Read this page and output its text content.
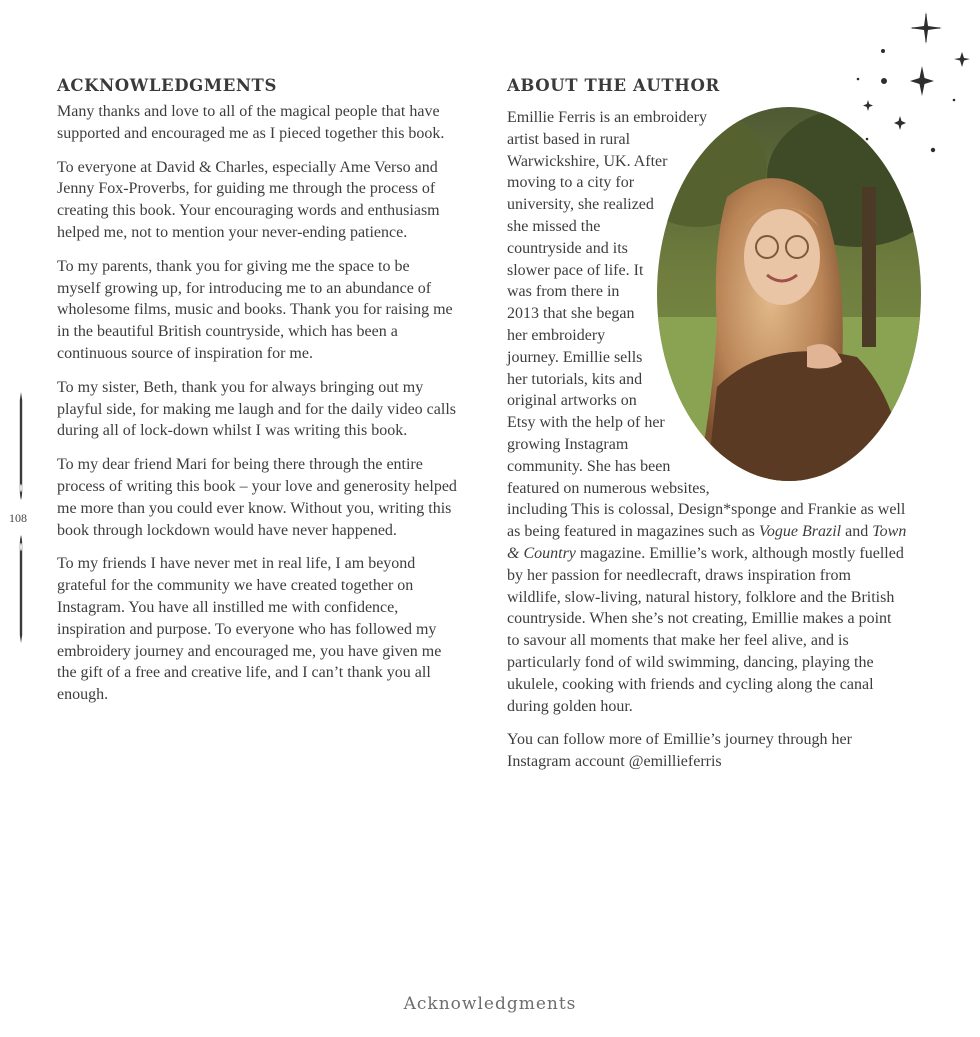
108
ACKNOWLEDGMENTS

Many thanks and love to all of the magical people that have supported and encouraged me as I pieced together this book.

To everyone at David & Charles, especially Ame Verso and Jenny Fox-Proverbs, for guiding me through the process of creating this book. Your encouraging words and enthusiasm helped me, not to mention your never-ending patience.

To my parents, thank you for giving me the space to be myself growing up, for introducing me to an abundance of wholesome films, music and books. Thank you for raising me in the beautiful British countryside, which has been a continuous source of inspiration for me.

To my sister, Beth, thank you for always bringing out my playful side, for making me laugh and for the daily video calls during all of lock-down whilst I was writing this book.

To my dear friend Mari for being there through the entire process of writing this book – your love and generosity helped me more than you could ever know. Without you, writing this book through lockdown would have never happened.

To my friends I have never met in real life, I am beyond grateful for the community we have created together on Instagram. You have all instilled me with confidence, inspiration and purpose. To everyone who has followed my embroidery journey and encouraged me, you have given me the gift of a free and creative life, and I can’t thank you all enough.

ABOUT THE AUTHOR

Emillie Ferris is an embroidery artist based in rural Warwickshire, UK. After moving to a city for university, she realized she missed the countryside and its slower pace of life. It was from there in 2013 that she began her embroidery journey. Emillie sells her tutorials, kits and original artworks on Etsy with the help of her growing Instagram community. She has been featured on numerous websites, including This is colossal, Design*sponge and Frankie as well as being featured in magazines such as Vogue Brazil and Town & Country magazine. Emillie’s work, although mostly fuelled by her passion for needlecraft, draws inspiration from wildlife, slow-living, natural history, folklore and the British countryside. When she’s not creating, Emillie makes a point to savour all moments that make her feel alive, and is particularly fond of wild swimming, dancing, playing the ukulele, cooking with friends and cycling along the canal during golden hour.

You can follow more of Emillie’s journey through her Instagram account @emillieferris

Acknowledgments
